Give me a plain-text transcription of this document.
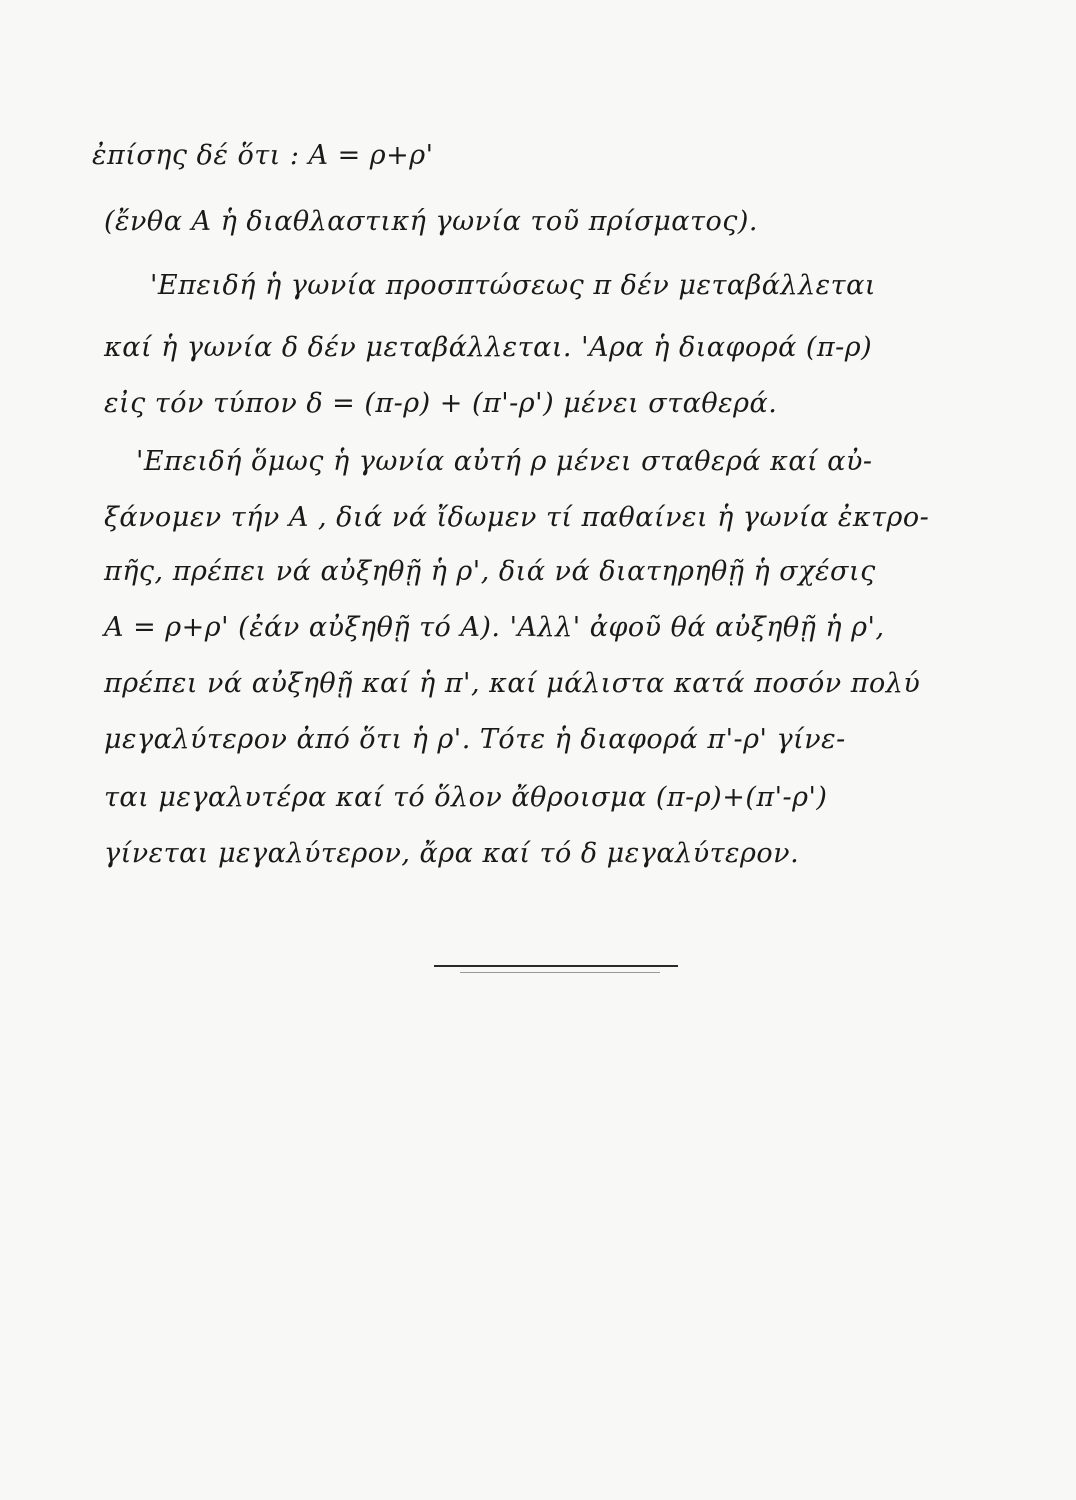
ἐπίσης δέ ὅτι : A = ρ+ρ'
(ἔνθα A ἡ διαθλαστική γωνία τοῦ πρίσματος).
'Επειδή ἡ γωνία προσπτώσεως π δέν μεταβάλλεται
καί ἡ γωνία δ δέν μεταβάλλεται. 'Αρα ἡ διαφορά (π-ρ)
εἰς τόν τύπον δ = (π-ρ) + (π'-ρ') μένει σταθερά.
'Επειδή ὅμως ἡ γωνία αὐτή ρ μένει σταθερά καί αὐ-
ξάνομεν τήν A , διά νά ἴδωμεν τί παθαίνει ἡ γωνία ἐκτρο-
πῆς, πρέπει νά αὐξηθῇ ἡ ρ', διά νά διατηρηθῇ ἡ σχέσις
A = ρ+ρ' (ἐάν αὐξηθῇ τό A). 'Αλλ' ἀφοῦ θά αὐξηθῇ ἡ ρ',
πρέπει νά αὐξηθῇ καί ἡ π', καί μάλιστα κατά ποσόν πολύ
μεγαλύτερον ἀπό ὅτι ἡ ρ'. Τότε ἡ διαφορά π'-ρ' γίνε-
ται μεγαλυτέρα καί τό ὅλον ἄθροισμα (π-ρ)+(π'-ρ')
γίνεται μεγαλύτερον, ἄρα καί τό δ μεγαλύτερον.
